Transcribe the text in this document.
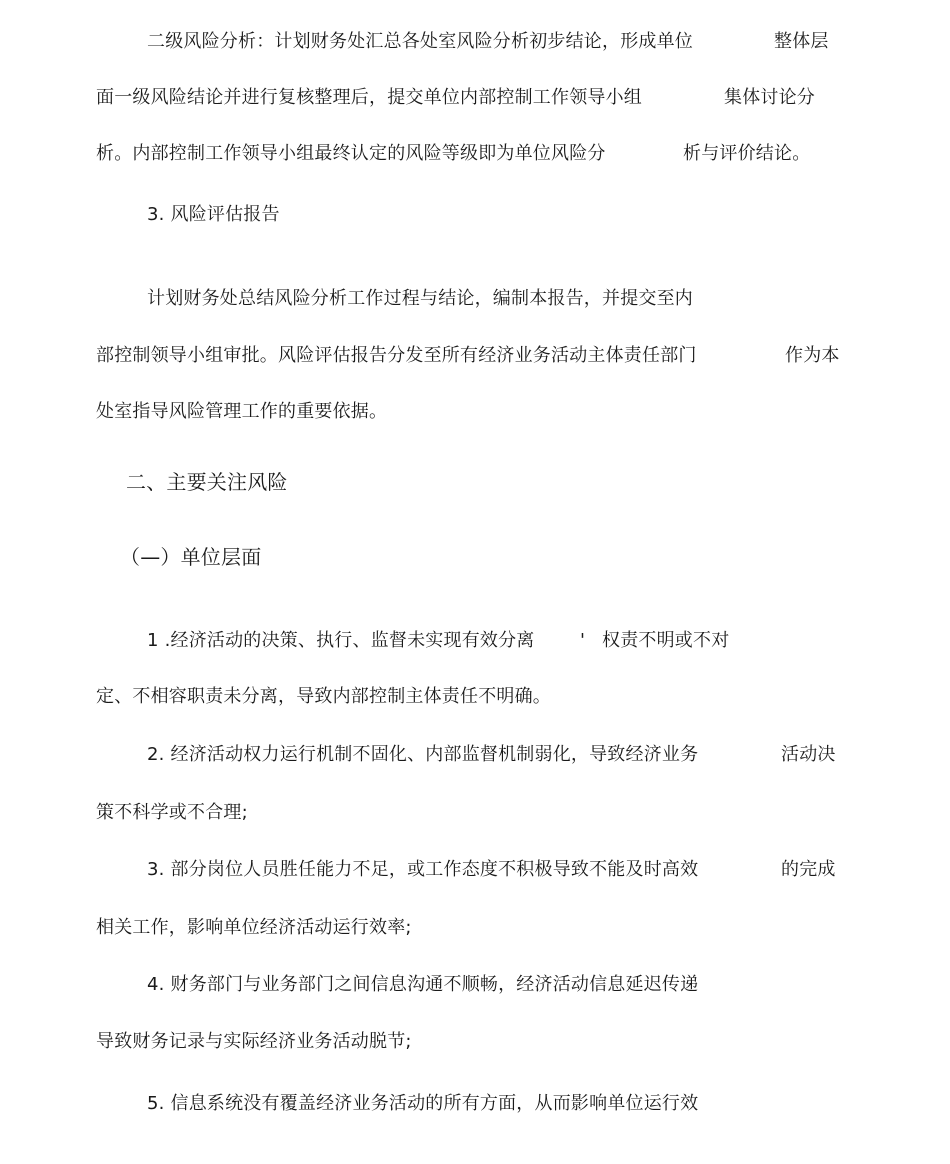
二级风险分析：计划财务处汇总各处室风险分析初步结论，形成单位	整体层
面一级风险结论并进行复核整理后，提交单位内部控制工作领导小组	集体讨论分
析。内部控制工作领导小组最终认定的风险等级即为单位风险分	析与评价结论。
3. 风险评估报告
计划财务处总结风险分析工作过程与结论，编制本报告，并提交至内
部控制领导小组审批。风险评估报告分发至所有经济业务活动主体责任部门	作为本
处室指导风险管理工作的重要依据。
二、主要关注风险
（—）单位层面
1 .经济活动的决策、执行、监督未实现有效分离	' 权责不明或不对
定、不相容职责未分离，导致内部控制主体责任不明确。
2. 经济活动权力运行机制不固化、内部监督机制弱化，导致经济业务	活动决
策不科学或不合理;
3. 部分岗位人员胜任能力不足，或工作态度不积极导致不能及时高效	的完成
相关工作，影响单位经济活动运行效率;
4. 财务部门与业务部门之间信息沟通不顺畅，经济活动信息延迟传递
导致财务记录与实际经济业务活动脱节;
5. 信息系统没有覆盖经济业务活动的所有方面，从而影响单位运行效
